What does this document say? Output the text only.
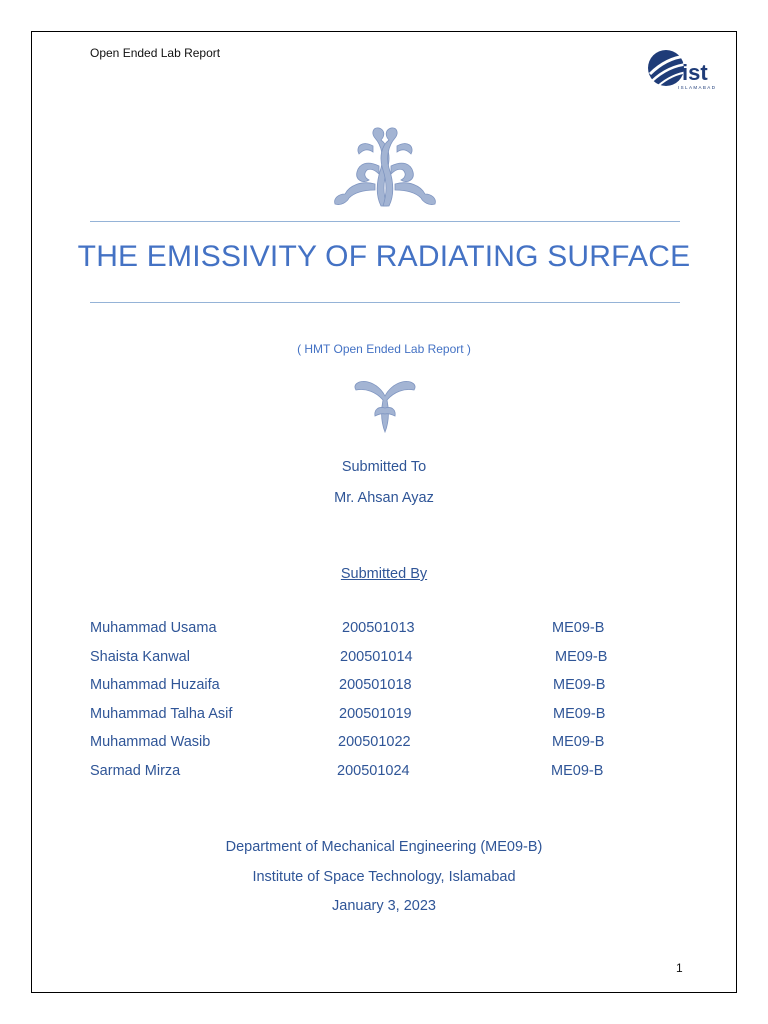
Open Ended Lab Report
ist
ISLAMABAD
THE EMISSIVITY OF RADIATING SURFACE
( HMT Open Ended Lab Report )
Submitted To
Mr. Ahsan Ayaz
Submitted By
Muhammad Usama	200501013	ME09-B
Shaista Kanwal	200501014	ME09-B
Muhammad Huzaifa	200501018	ME09-B
Muhammad Talha Asif	200501019	ME09-B
Muhammad Wasib	200501022	ME09-B
Sarmad Mirza	200501024	ME09-B
Department of Mechanical Engineering (ME09-B)
Institute of Space Technology, Islamabad
January 3, 2023
1
